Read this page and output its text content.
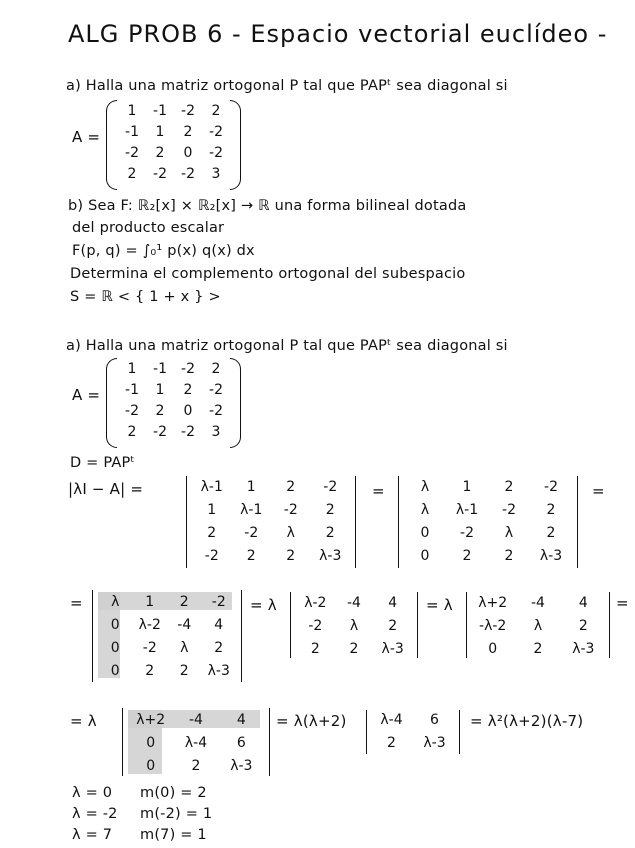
ALG PROB 6 - Espacio vectorial euclídeo -
a) Halla una matriz ortogonal P tal que PAPᵗ sea diagonal si
A =
1	-1	-2	2
-1	1	2	-2
-2	2	0	-2
2	-2	-2	3
b) Sea F: ℝ₂[x] × ℝ₂[x] → ℝ una forma bilineal dotada
del producto escalar
F(p, q) = ∫₀¹ p(x) q(x) dx
Determina el complemento ortogonal del subespacio
S = ℝ < { 1 + x } >
a) Halla una matriz ortogonal P tal que PAPᵗ sea diagonal si
A =
1	-1	-2	2
-1	1	2	-2
-2	2	0	-2
2	-2	-2	3
D = PAPᵗ
|λI − A| =	λ-1	1	2	-2
1	λ-1	-2	2
2	-2	λ	2
-2	2	2	λ-3
=	λ	1	2	-2
λ	λ-1	-2	2
0	-2	λ	2
0	2	2	λ-3
=
=	λ	1	2	-2
0	λ-2	-4	4
0	-2	λ	2
0	2	2	λ-3
= λ	λ-2	-4	4
-2	λ	2
2	2	λ-3
= λ	λ+2	-4	4
-λ-2	λ	2
0	2	λ-3
=
= λ	λ+2	-4	4
0	λ-4	6
0	2	λ-3
= λ(λ+2)	λ-4	6
2	λ-3
= λ²(λ+2)(λ-7)
λ = 0 m(0) = 2
λ = -2 m(-2) = 1
λ = 7 m(7) = 1
